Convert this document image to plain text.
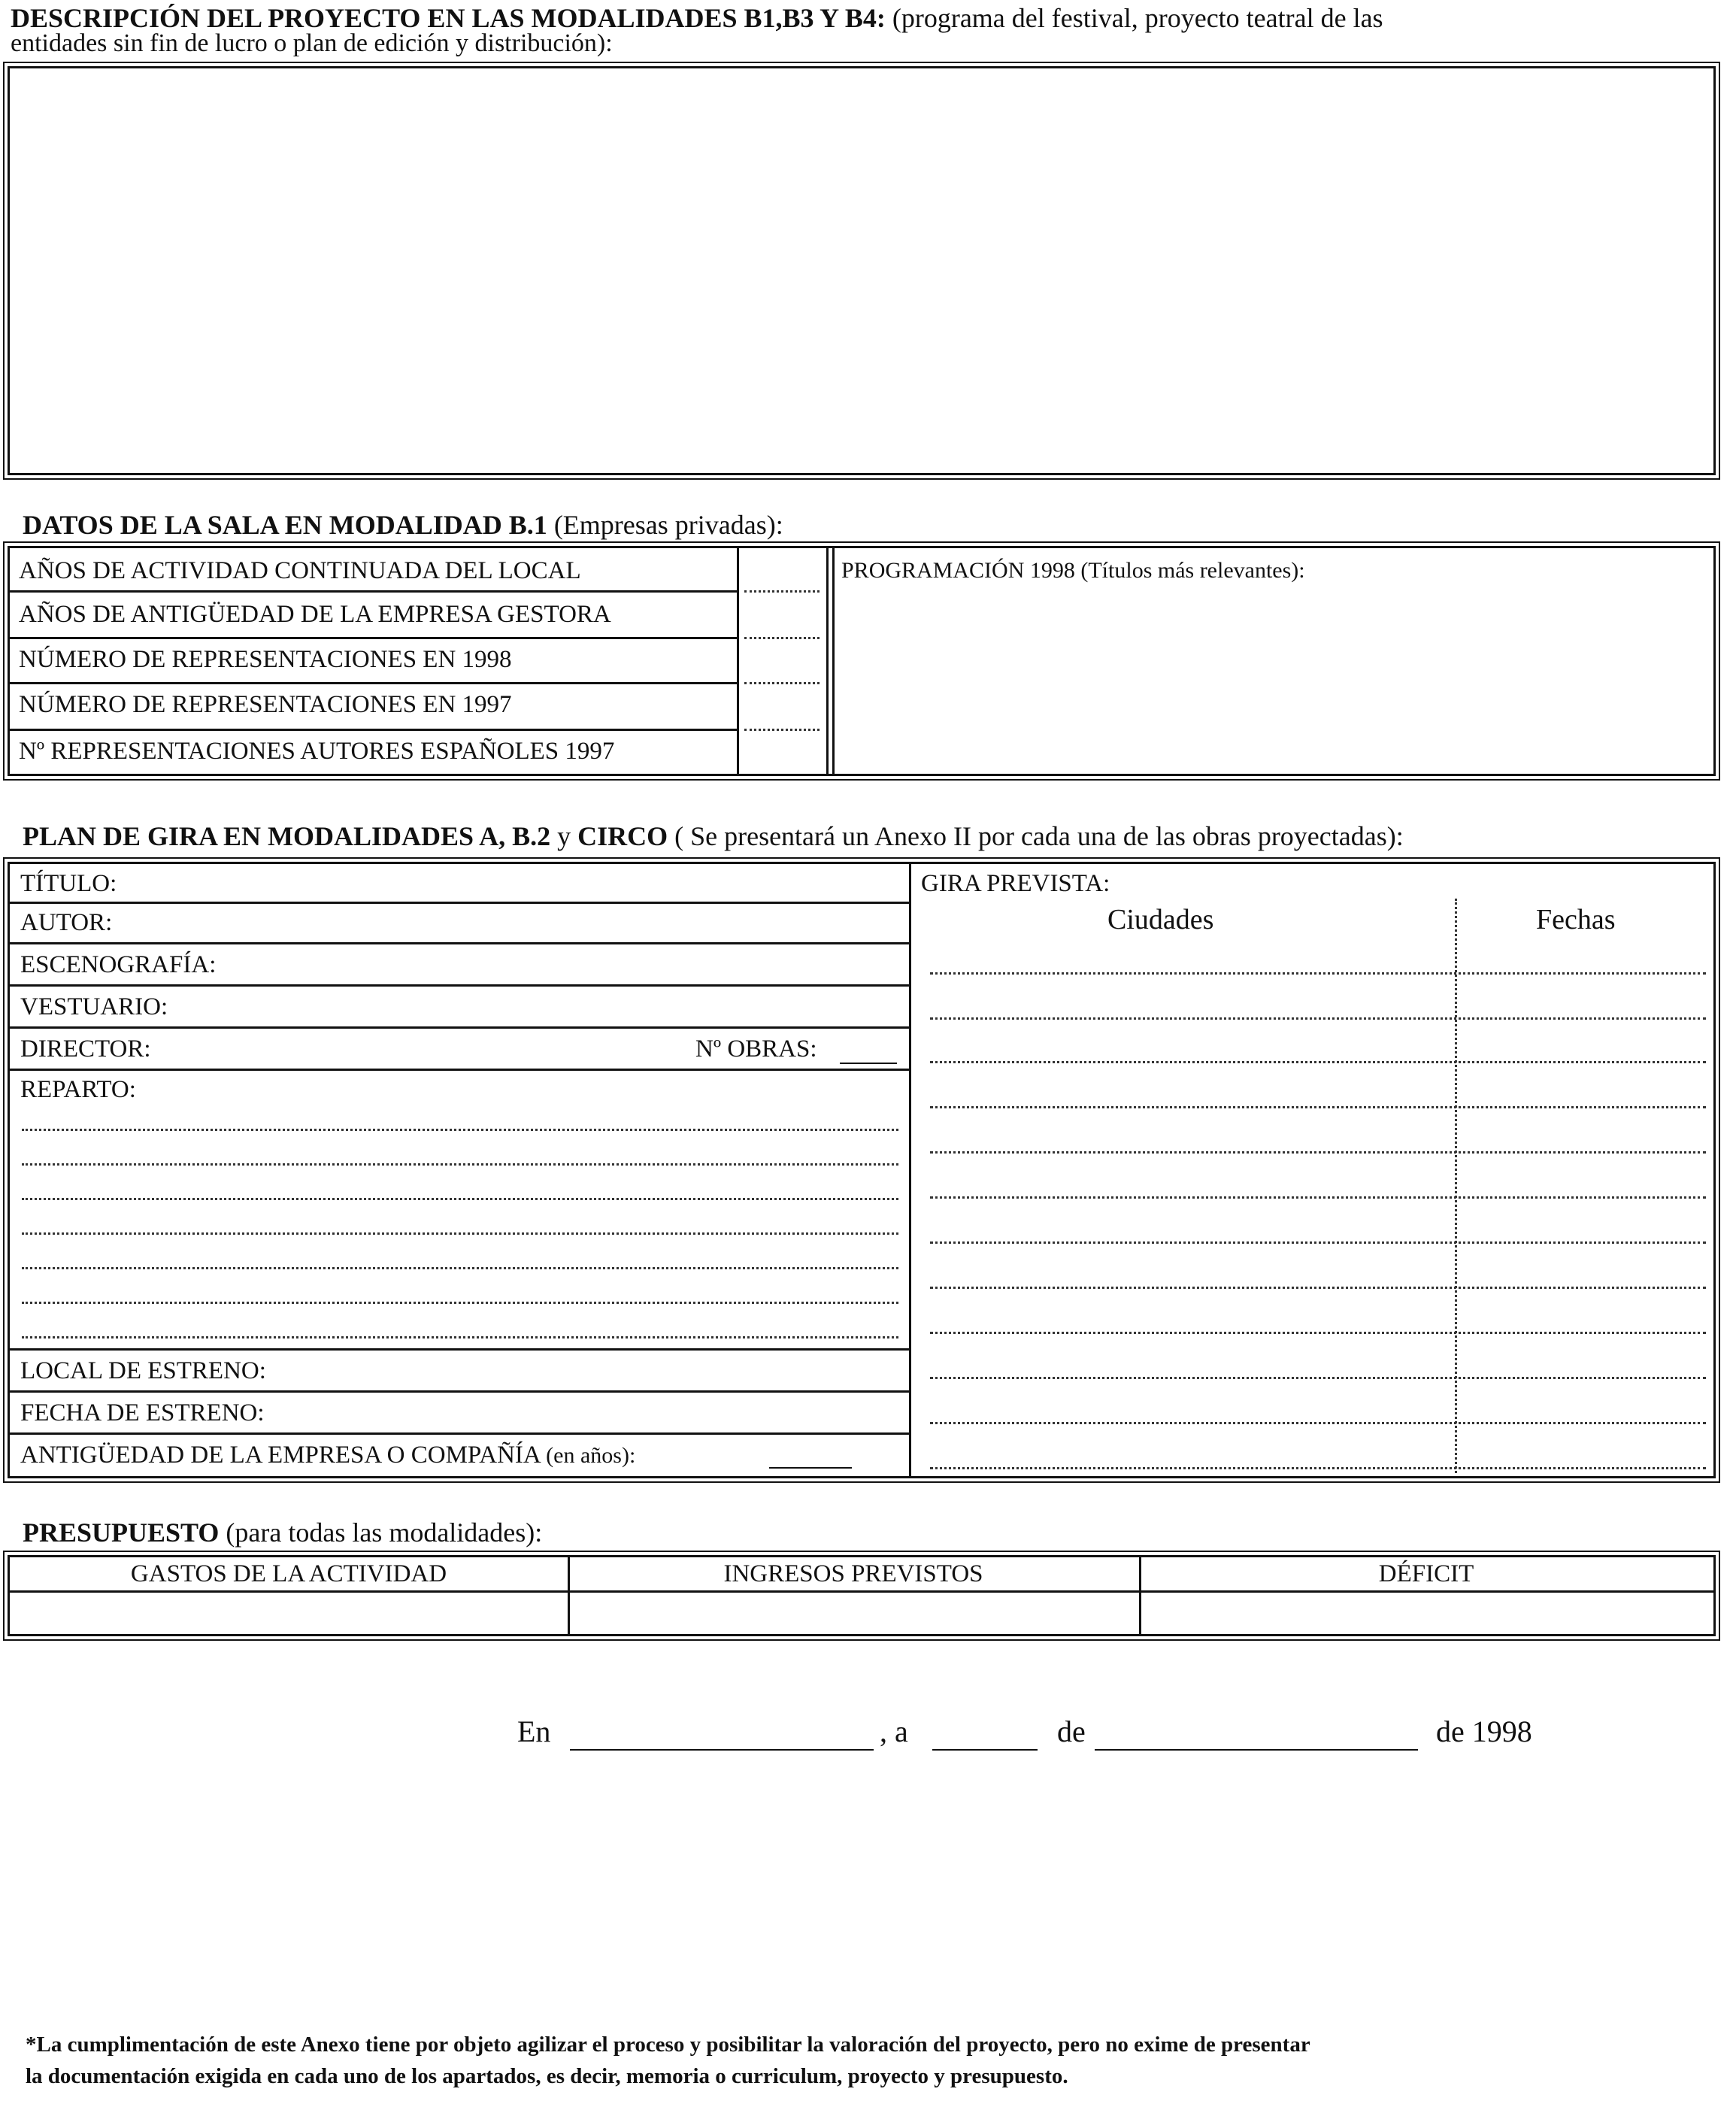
DESCRIPCIÓN DEL PROYECTO EN LAS MODALIDADES B1,B3 Y B4: (programa del festival, proyecto teatral de las
entidades sin fin de lucro o plan de edición y distribución):
DATOS DE LA SALA EN MODALIDAD B.1 (Empresas privadas):
AÑOS DE ACTIVIDAD CONTINUADA DEL LOCAL
AÑOS DE ANTIGÜEDAD DE LA EMPRESA GESTORA
NÚMERO DE REPRESENTACIONES EN 1998
NÚMERO DE REPRESENTACIONES EN 1997
Nº REPRESENTACIONES AUTORES ESPAÑOLES 1997
PROGRAMACIÓN 1998 (Títulos más relevantes):
PLAN DE GIRA EN MODALIDADES A, B.2 y CIRCO ( Se presentará un Anexo II por cada una de las obras proyectadas):
TÍTULO:
AUTOR:
ESCENOGRAFÍA:
VESTUARIO:
DIRECTOR:	Nº OBRAS:
REPARTO:
LOCAL DE ESTRENO:
FECHA DE ESTRENO:
ANTIGÜEDAD DE LA EMPRESA O COMPAÑÍA (en años):
GIRA PREVISTA:
Ciudades	Fechas
PRESUPUESTO (para todas las modalidades):
GASTOS DE LA ACTIVIDAD	INGRESOS PREVISTOS	DÉFICIT
En	, a	de	de 1998
*La cumplimentación de este Anexo tiene por objeto agilizar el proceso y posibilitar la valoración del proyecto, pero no exime de presentar
la documentación exigida en cada uno de los apartados, es decir, memoria o curriculum, proyecto y presupuesto.
